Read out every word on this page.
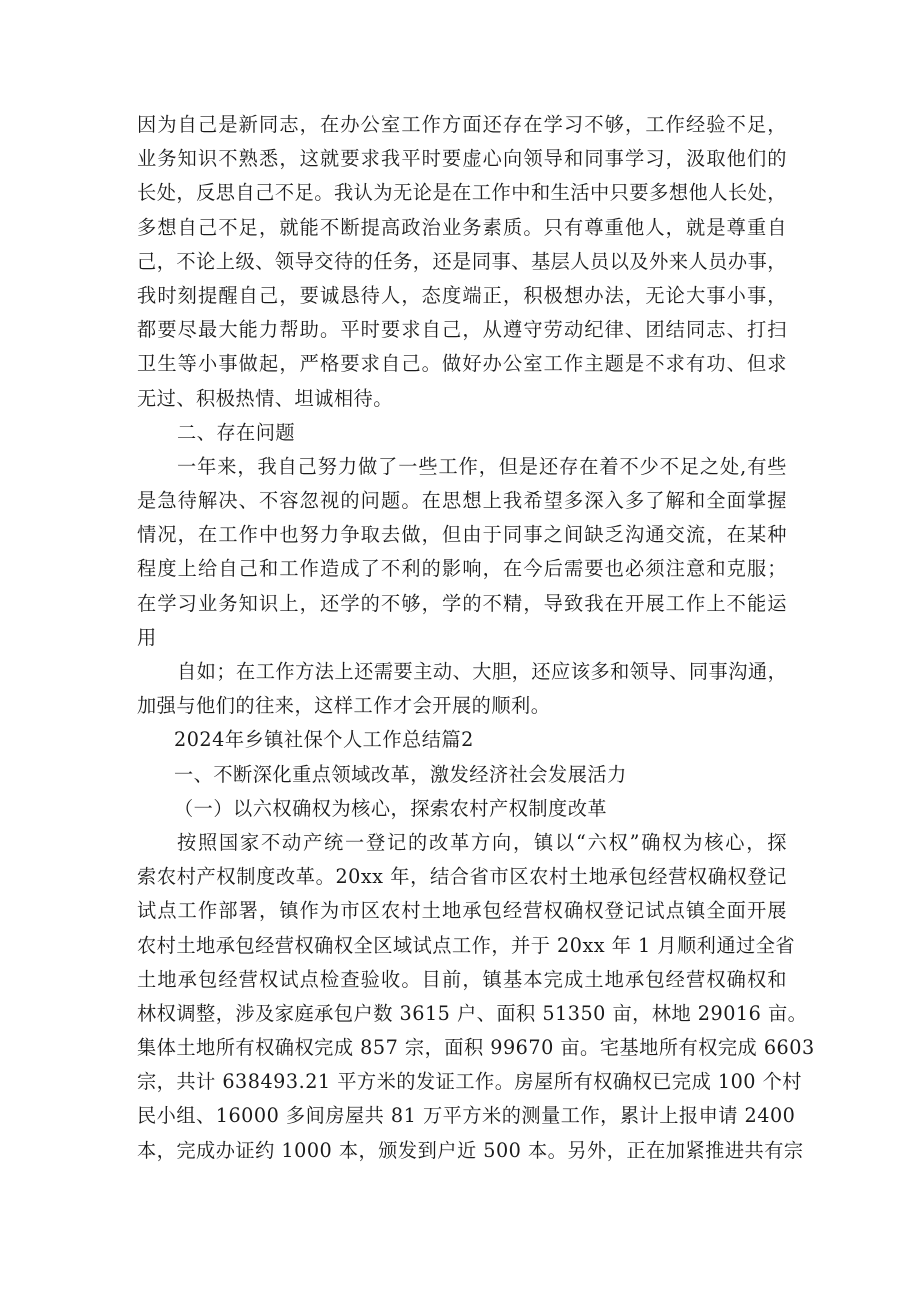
因为自己是新同志，在办公室工作方面还存在学习不够，工作经验不足，
业务知识不熟悉，这就要求我平时要虚心向领导和同事学习，汲取他们的
长处，反思自己不足。我认为无论是在工作中和生活中只要多想他人长处，
多想自己不足，就能不断提高政治业务素质。只有尊重他人，就是尊重自
己，不论上级、领导交待的任务，还是同事、基层人员以及外来人员办事，
我时刻提醒自己，要诚恳待人，态度端正，积极想办法，无论大事小事，
都要尽最大能力帮助。平时要求自己，从遵守劳动纪律、团结同志、打扫
卫生等小事做起，严格要求自己。做好办公室工作主题是不求有功、但求
无过、积极热情、坦诚相待。
二、存在问题
一年来，我自己努力做了一些工作，但是还存在着不少不足之处,有些
是急待解决、不容忽视的问题。在思想上我希望多深入多了解和全面掌握
情况，在工作中也努力争取去做，但由于同事之间缺乏沟通交流，在某种
程度上给自己和工作造成了不利的影响，在今后需要也必须注意和克服；
在学习业务知识上，还学的不够，学的不精，导致我在开展工作上不能运
用
自如；在工作方法上还需要主动、大胆，还应该多和领导、同事沟通，
加强与他们的往来，这样工作才会开展的顺利。
2024年乡镇社保个人工作总结篇2
一、不断深化重点领域改革，激发经济社会发展活力
（一）以六权确权为核心，探索农村产权制度改革
按照国家不动产统一登记的改革方向，镇以“六权”确权为核心，探
索农村产权制度改革。20xx 年，结合省市区农村土地承包经营权确权登记
试点工作部署，镇作为市区农村土地承包经营权确权登记试点镇全面开展
农村土地承包经营权确权全区域试点工作，并于 20xx 年 1 月顺利通过全省
土地承包经营权试点检查验收。目前，镇基本完成土地承包经营权确权和
林权调整，涉及家庭承包户数 3615 户、面积 51350 亩，林地 29016 亩。
集体土地所有权确权完成 857 宗，面积 99670 亩。宅基地所有权完成 6603
宗，共计 638493.21 平方米的发证工作。房屋所有权确权已完成 100 个村
民小组、16000 多间房屋共 81 万平方米的测量工作，累计上报申请 2400
本，完成办证约 1000 本，颁发到户近 500 本。另外，正在加紧推进共有宗
